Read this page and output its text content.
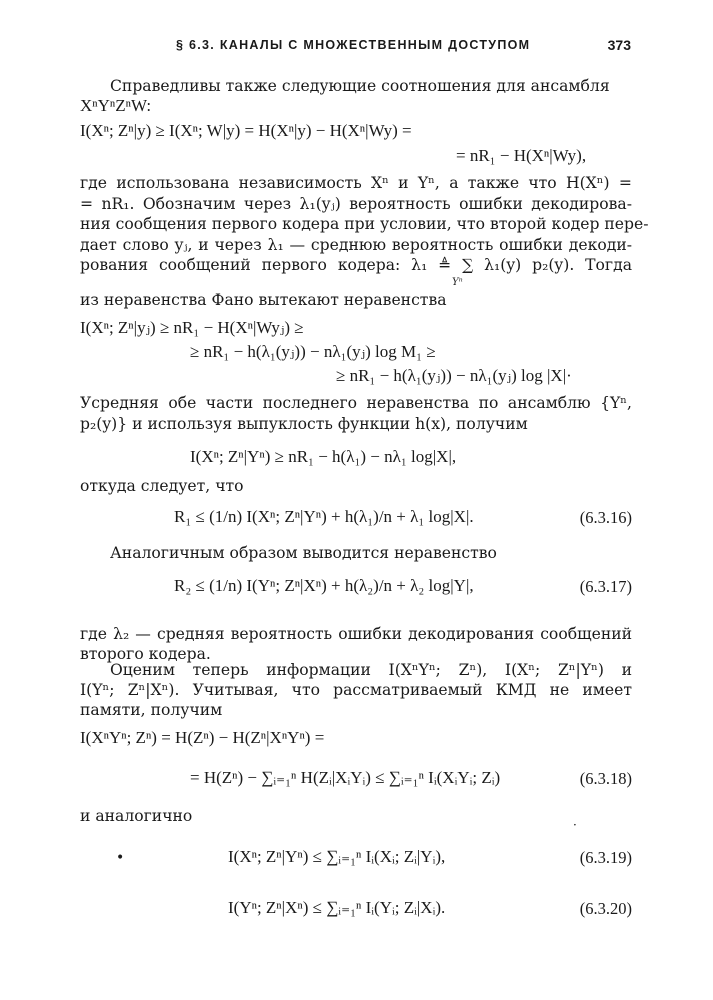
§ 6.3. КАНАЛЫ С МНОЖЕСТВЕННЫМ ДОСТУПОМ	373
Справедливы также следующие соотношения для ансамбля
XⁿYⁿZⁿW:
I(Xⁿ; Zⁿ|y) ≥ I(Xⁿ; W|y) = H(Xⁿ|y) − H(Xⁿ|Wy) =
= nR₁ − H(Xⁿ|Wy),
где использована независимость Xⁿ и Yⁿ, а также что H(Xⁿ) =
= nR₁. Обозначим через λ₁(yⱼ) вероятность ошибки декодирова-
ния сообщения первого кодера при условии, что второй кодер пере-
дает слово yⱼ, и через λ₁ — среднюю вероятность ошибки декоди-
рования сообщений первого кодера: λ₁ ≜ ∑ λ₁(y) p₂(y). Тогда
Yⁿ
из неравенства Фано вытекают неравенства
I(Xⁿ; Zⁿ|yⱼ) ≥ nR₁ − H(Xⁿ|Wyⱼ) ≥
≥ nR₁ − h(λ₁(yⱼ)) − nλ₁(yⱼ) log M₁ ≥
≥ nR₁ − h(λ₁(yⱼ)) − nλ₁(yⱼ) log |X|·
Усредняя обе части последнего неравенства по ансамблю {Yⁿ,
p₂(y)} и используя выпуклость функции h(x), получим
I(Xⁿ; Zⁿ|Yⁿ) ≥ nR₁ − h(λ₁) − nλ₁ log|X|,
откуда следует, что
R₁ ≤ (1/n) I(Xⁿ; Zⁿ|Yⁿ) + h(λ₁)/n + λ₁ log|X|.	(6.3.16)
Аналогичным образом выводится неравенство
R₂ ≤ (1/n) I(Yⁿ; Zⁿ|Xⁿ) + h(λ₂)/n + λ₂ log|Y|,	(6.3.17)
где λ₂ — средняя вероятность ошибки декодирования сообщений
второго кодера.
Оценим теперь информации I(XⁿYⁿ; Zⁿ), I(Xⁿ; Zⁿ|Yⁿ) и
I(Yⁿ; Zⁿ|Xⁿ). Учитывая, что рассматриваемый КМД не имеет
памяти, получим
I(XⁿYⁿ; Zⁿ) = H(Zⁿ) − H(Zⁿ|XⁿYⁿ) =
= H(Zⁿ) − ∑ᵢ₌₁ⁿ H(Zᵢ|XᵢYᵢ) ≤ ∑ᵢ₌₁ⁿ Iᵢ(XᵢYᵢ; Zᵢ)	(6.3.18)
и аналогично
I(Xⁿ; Zⁿ|Yⁿ) ≤ ∑ᵢ₌₁ⁿ Iᵢ(Xᵢ; Zᵢ|Yᵢ),	(6.3.19)
I(Yⁿ; Zⁿ|Xⁿ) ≤ ∑ᵢ₌₁ⁿ Iᵢ(Yᵢ; Zᵢ|Xᵢ).	(6.3.20)
•
·
